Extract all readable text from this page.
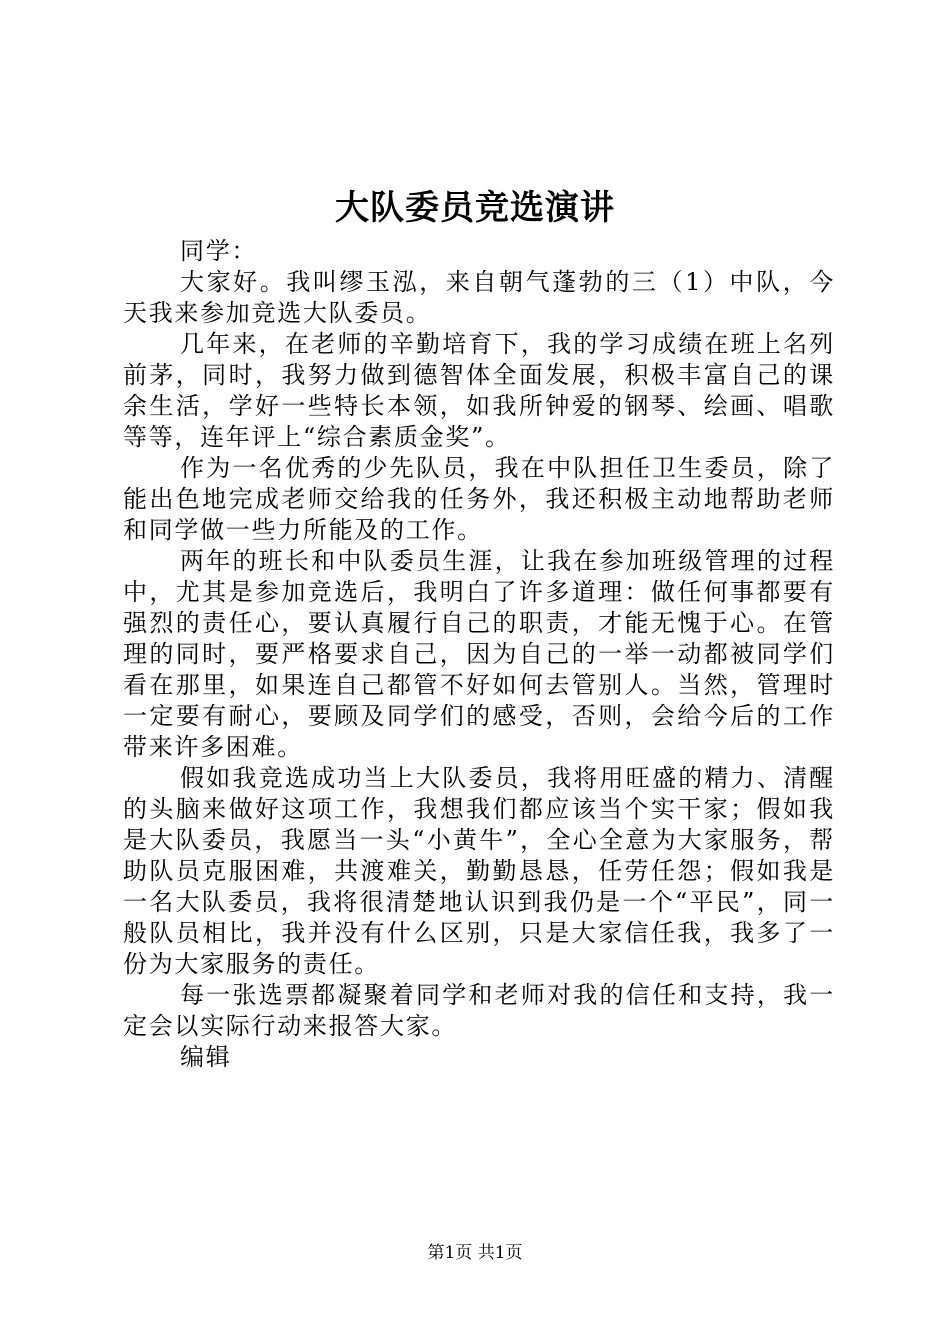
大队委员竞选演讲

同学：

大家好。我叫缪玉泓，来自朝气蓬勃的三（1）中队，今天我来参加竞选大队委员。

几年来，在老师的辛勤培育下，我的学习成绩在班上名列前茅，同时，我努力做到德智体全面发展，积极丰富自己的课余生活，学好一些特长本领，如我所钟爱的钢琴、绘画、唱歌等等，连年评上“综合素质金奖”。

作为一名优秀的少先队员，我在中队担任卫生委员，除了能出色地完成老师交给我的任务外，我还积极主动地帮助老师和同学做一些力所能及的工作。

两年的班长和中队委员生涯，让我在参加班级管理的过程中，尤其是参加竞选后，我明白了许多道理：做任何事都要有强烈的责任心，要认真履行自己的职责，才能无愧于心。在管理的同时，要严格要求自己，因为自己的一举一动都被同学们看在那里，如果连自己都管不好如何去管别人。当然，管理时一定要有耐心，要顾及同学们的感受，否则，会给今后的工作带来许多困难。

假如我竞选成功当上大队委员，我将用旺盛的精力、清醒的头脑来做好这项工作，我想我们都应该当个实干家；假如我是大队委员，我愿当一头“小黄牛”，全心全意为大家服务，帮助队员克服困难，共渡难关，勤勤恳恳，任劳任怨；假如我是一名大队委员，我将很清楚地认识到我仍是一个“平民”，同一般队员相比，我并没有什么区别，只是大家信任我，我多了一份为大家服务的责任。

每一张选票都凝聚着同学和老师对我的信任和支持，我一定会以实际行动来报答大家。

编辑

第1页 共1页
